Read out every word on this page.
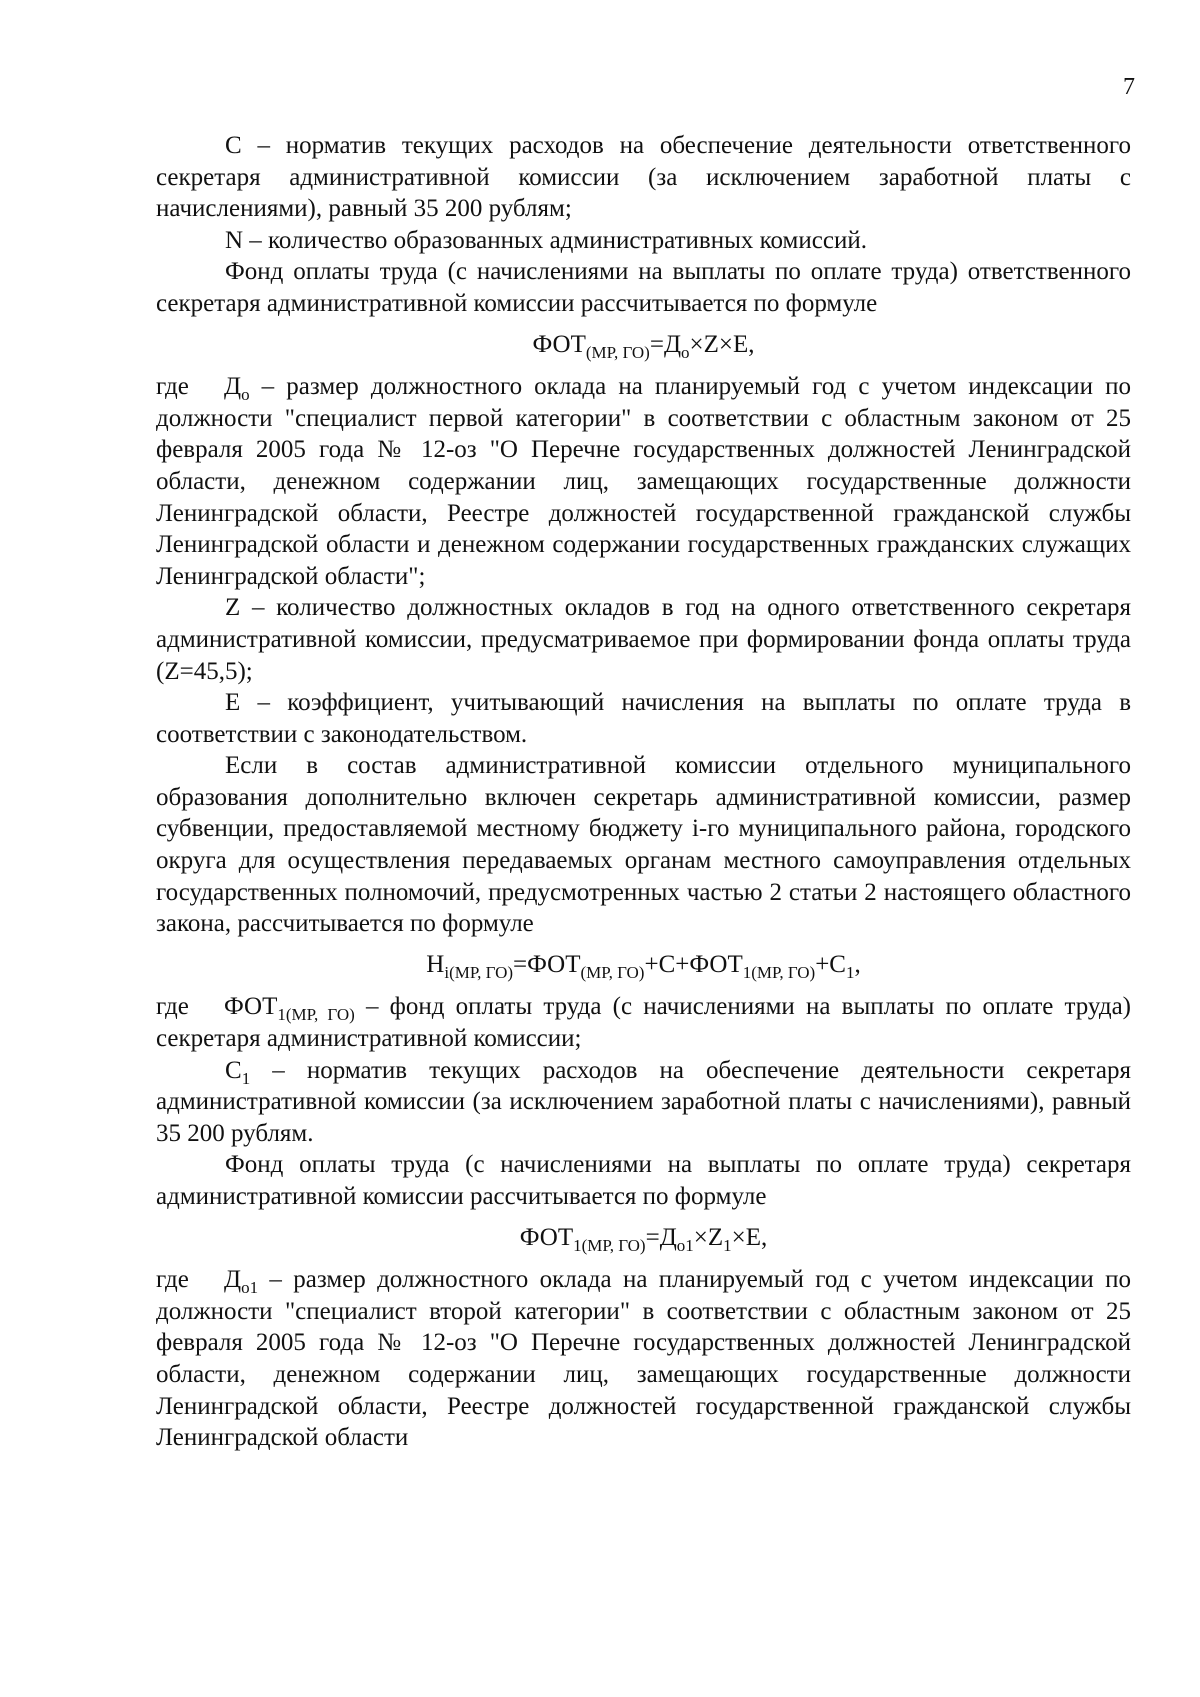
7

С – норматив текущих расходов на обеспечение деятельности ответственного секретаря административной комиссии (за исключением заработной платы с начислениями), равный 35 200 рублям;

N – количество образованных административных комиссий.

Фонд оплаты труда (с начислениями на выплаты по оплате труда) ответственного секретаря административной комиссии рассчитывается по формуле

$ФОТ_{(МР, ГО)}=Д_о\times Z\times Е$,

где $Д_о$ – размер должностного оклада на планируемый год с учетом индексации по должности "специалист первой категории" в соответствии с областным законом от 25 февраля 2005 года № 12-оз "О Перечне государственных должностей Ленинградской области, денежном содержании лиц, замещающих государственные должности Ленинградской области, Реестре должностей государственной гражданской службы Ленинградской области и денежном содержании государственных гражданских служащих Ленинградской области";

Z – количество должностных окладов в год на одного ответственного секретаря административной комиссии, предусматриваемое при формировании фонда оплаты труда (Z=45,5);

Е – коэффициент, учитывающий начисления на выплаты по оплате труда в соответствии с законодательством.

Если в состав административной комиссии отдельного муниципального образования дополнительно включен секретарь административной комиссии, размер субвенции, предоставляемой местному бюджету i-го муниципального района, городского округа для осуществления передаваемых органам местного самоуправления отдельных государственных полномочий, предусмотренных частью 2 статьи 2 настоящего областного закона, рассчитывается по формуле

$Н_{i(МР, ГО)}=ФОТ_{(МР, ГО)}+С+ФОТ_{1(МР, ГО)}+С_1$,

где $ФОТ_{1(МР, ГО)}$ – фонд оплаты труда (с начислениями на выплаты по оплате труда) секретаря административной комиссии;

$С_1$ – норматив текущих расходов на обеспечение деятельности секретаря административной комиссии (за исключением заработной платы с начислениями), равный 35 200 рублям.

Фонд оплаты труда (с начислениями на выплаты по оплате труда) секретаря административной комиссии рассчитывается по формуле

$ФОТ_{1(МР, ГО)}=Д_{о1}\times Z_1\times Е$,

где $Д_{о1}$ – размер должностного оклада на планируемый год с учетом индексации по должности "специалист второй категории" в соответствии с областным законом от 25 февраля 2005 года № 12-оз "О Перечне государственных должностей Ленинградской области, денежном содержании лиц, замещающих государственные должности Ленинградской области, Реестре должностей государственной гражданской службы Ленинградской области
